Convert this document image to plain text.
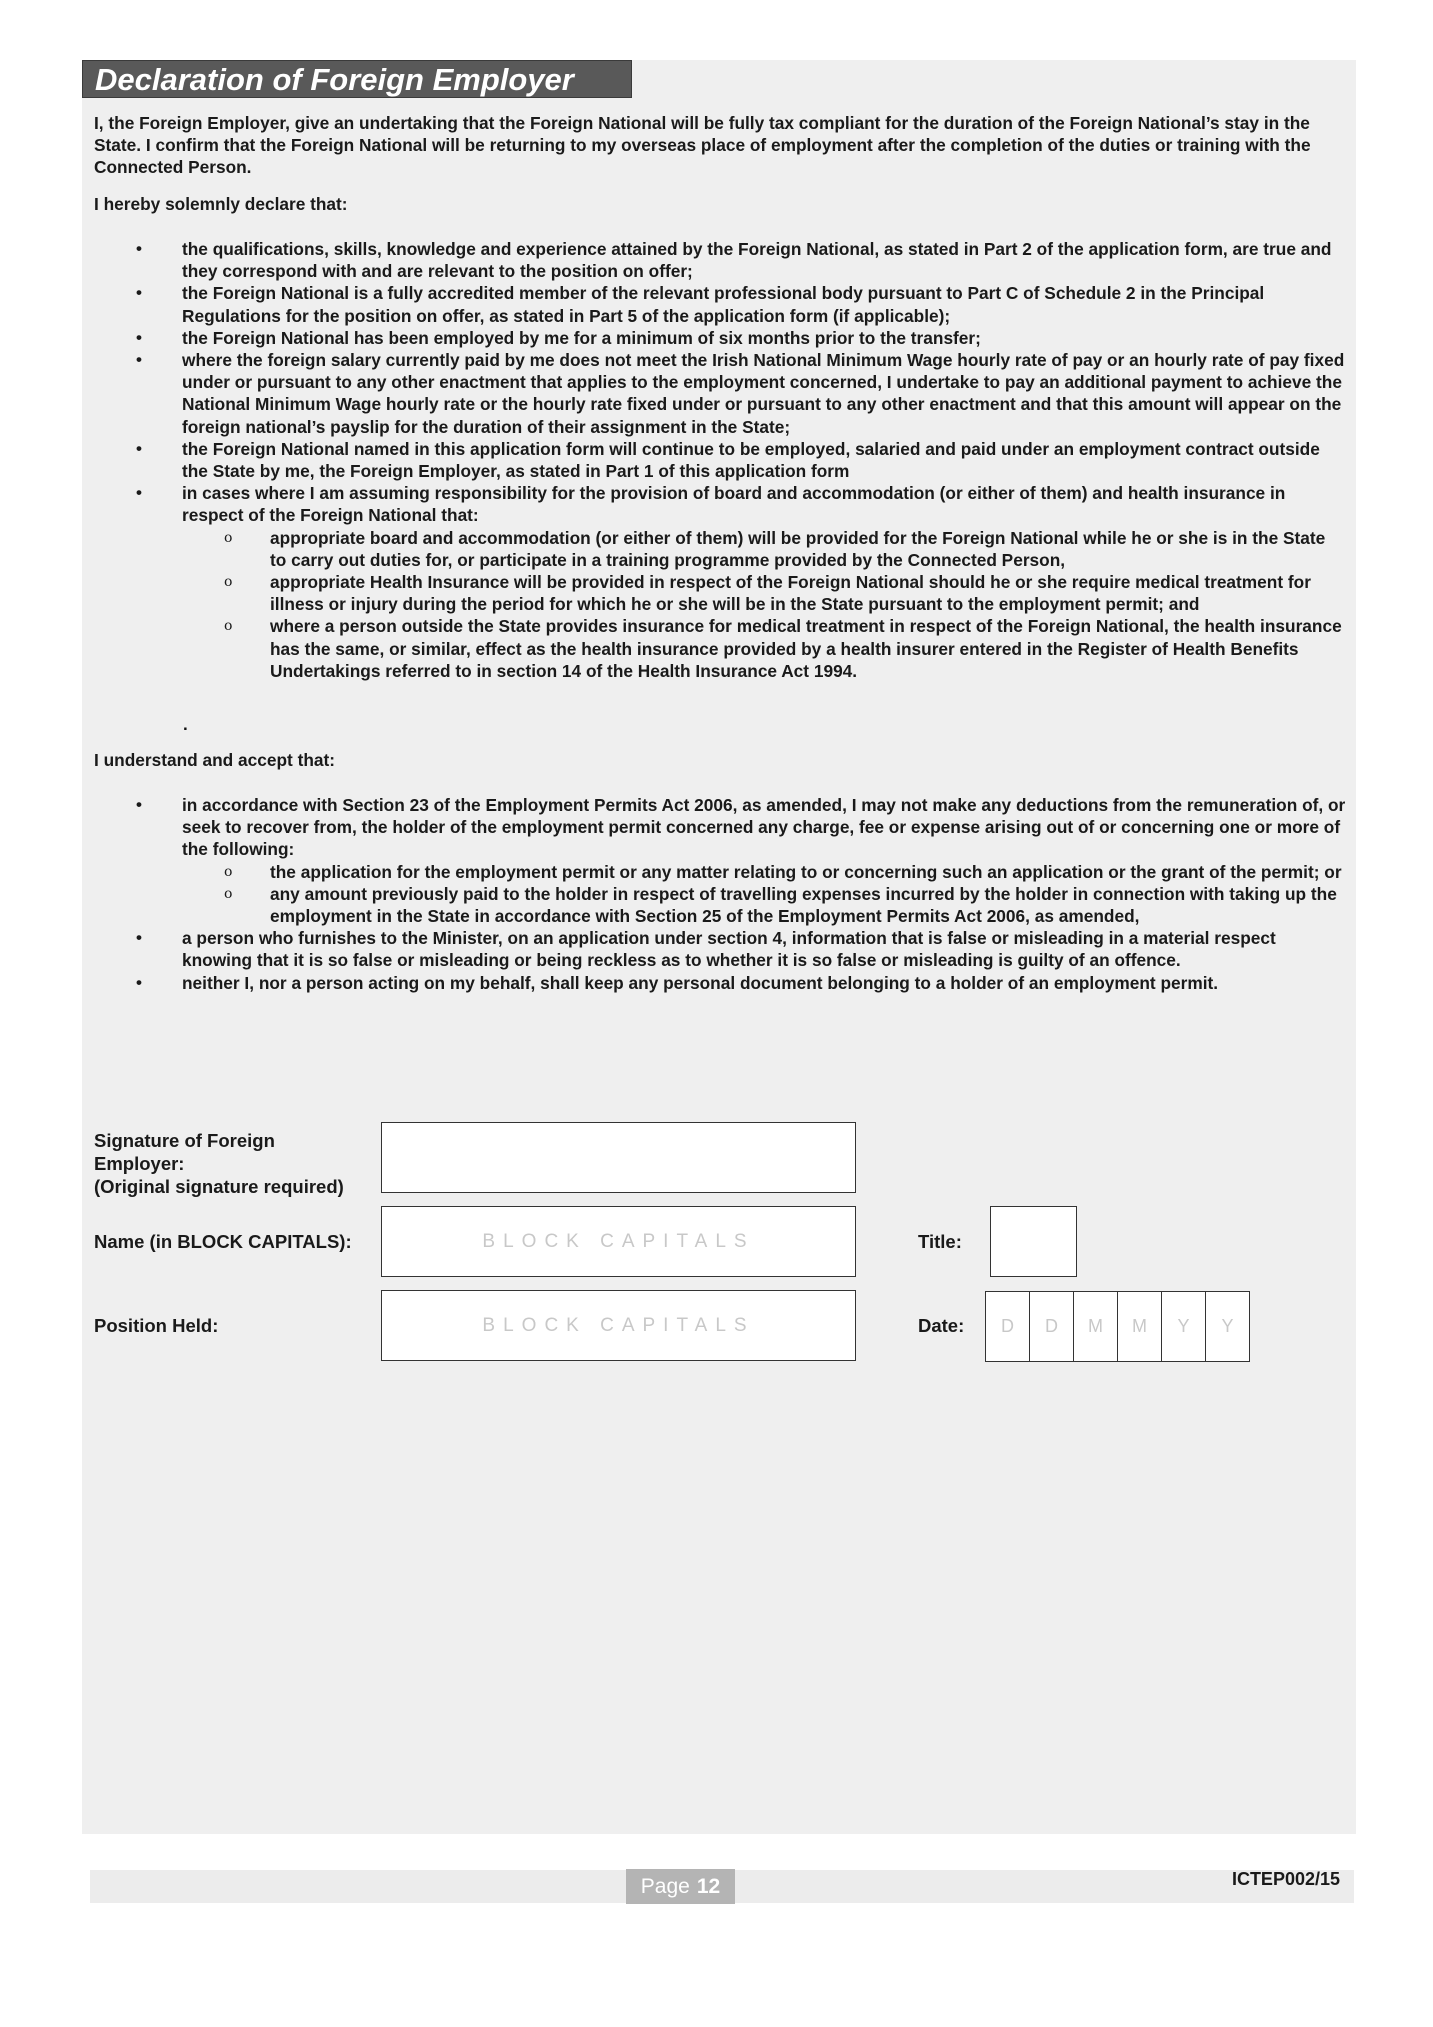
Declaration of Foreign Employer

I, the Foreign Employer, give an undertaking that the Foreign National will be fully tax compliant for the duration of the Foreign National’s stay in the State. I confirm that the Foreign National will be returning to my overseas place of employment after the completion of the duties or training with the Connected Person.

I hereby solemnly declare that:

• the qualifications, skills, knowledge and experience attained by the Foreign National, as stated in Part 2 of the application form, are true and they correspond with and are relevant to the position on offer;
• the Foreign National is a fully accredited member of the relevant professional body pursuant to Part C of Schedule 2 in the Principal Regulations for the position on offer, as stated in Part 5 of the application form (if applicable);
• the Foreign National has been employed by me for a minimum of six months prior to the transfer;
• where the foreign salary currently paid by me does not meet the Irish National Minimum Wage hourly rate of pay or an hourly rate of pay fixed under or pursuant to any other enactment that applies to the employment concerned, I undertake to pay an additional payment to achieve the National Minimum Wage hourly rate or the hourly rate fixed under or pursuant to any other enactment and that this amount will appear on the foreign national’s payslip for the duration of their assignment in the State;
• the Foreign National named in this application form will continue to be employed, salaried and paid under an employment contract outside the State by me, the Foreign Employer, as stated in Part 1 of this application form
• in cases where I am assuming responsibility for the provision of board and accommodation (or either of them) and health insurance in respect of the Foreign National that:
o appropriate board and accommodation (or either of them) will be provided for the Foreign National while he or she is in the State to carry out duties for, or participate in a training programme provided by the Connected Person,
o appropriate Health Insurance will be provided in respect of the Foreign National should he or she require medical treatment for illness or injury during the period for which he or she will be in the State pursuant to the employment permit; and
o where a person outside the State provides insurance for medical treatment in respect of the Foreign National, the health insurance has the same, or similar, effect as the health insurance provided by a health insurer entered in the Register of Health Benefits Undertakings referred to in section 14 of the Health Insurance Act 1994.
.

I understand and accept that:

• in accordance with Section 23 of the Employment Permits Act 2006, as amended, I may not make any deductions from the remuneration of, or seek to recover from, the holder of the employment permit concerned any charge, fee or expense arising out of or concerning one or more of the following:
o the application for the employment permit or any matter relating to or concerning such an application or the grant of the permit; or
o any amount previously paid to the holder in respect of travelling expenses incurred by the holder in connection with taking up the employment in the State in accordance with Section 25 of the Employment Permits Act 2006, as amended,
• a person who furnishes to the Minister, on an application under section 4, information that is false or misleading in a material respect knowing that it is so false or misleading or being reckless as to whether it is so false or misleading is guilty of an offence.
• neither I, nor a person acting on my behalf, shall keep any personal document belonging to a holder of an employment permit.
Signature of Foreign
Employer:
(Original signature required)
Name (in BLOCK CAPITALS):	BLOCK CAPITALS	Title:
Position Held:	BLOCK CAPITALS	Date:	D	D	M	M	Y	Y
Page 12	ICTEP002/15
